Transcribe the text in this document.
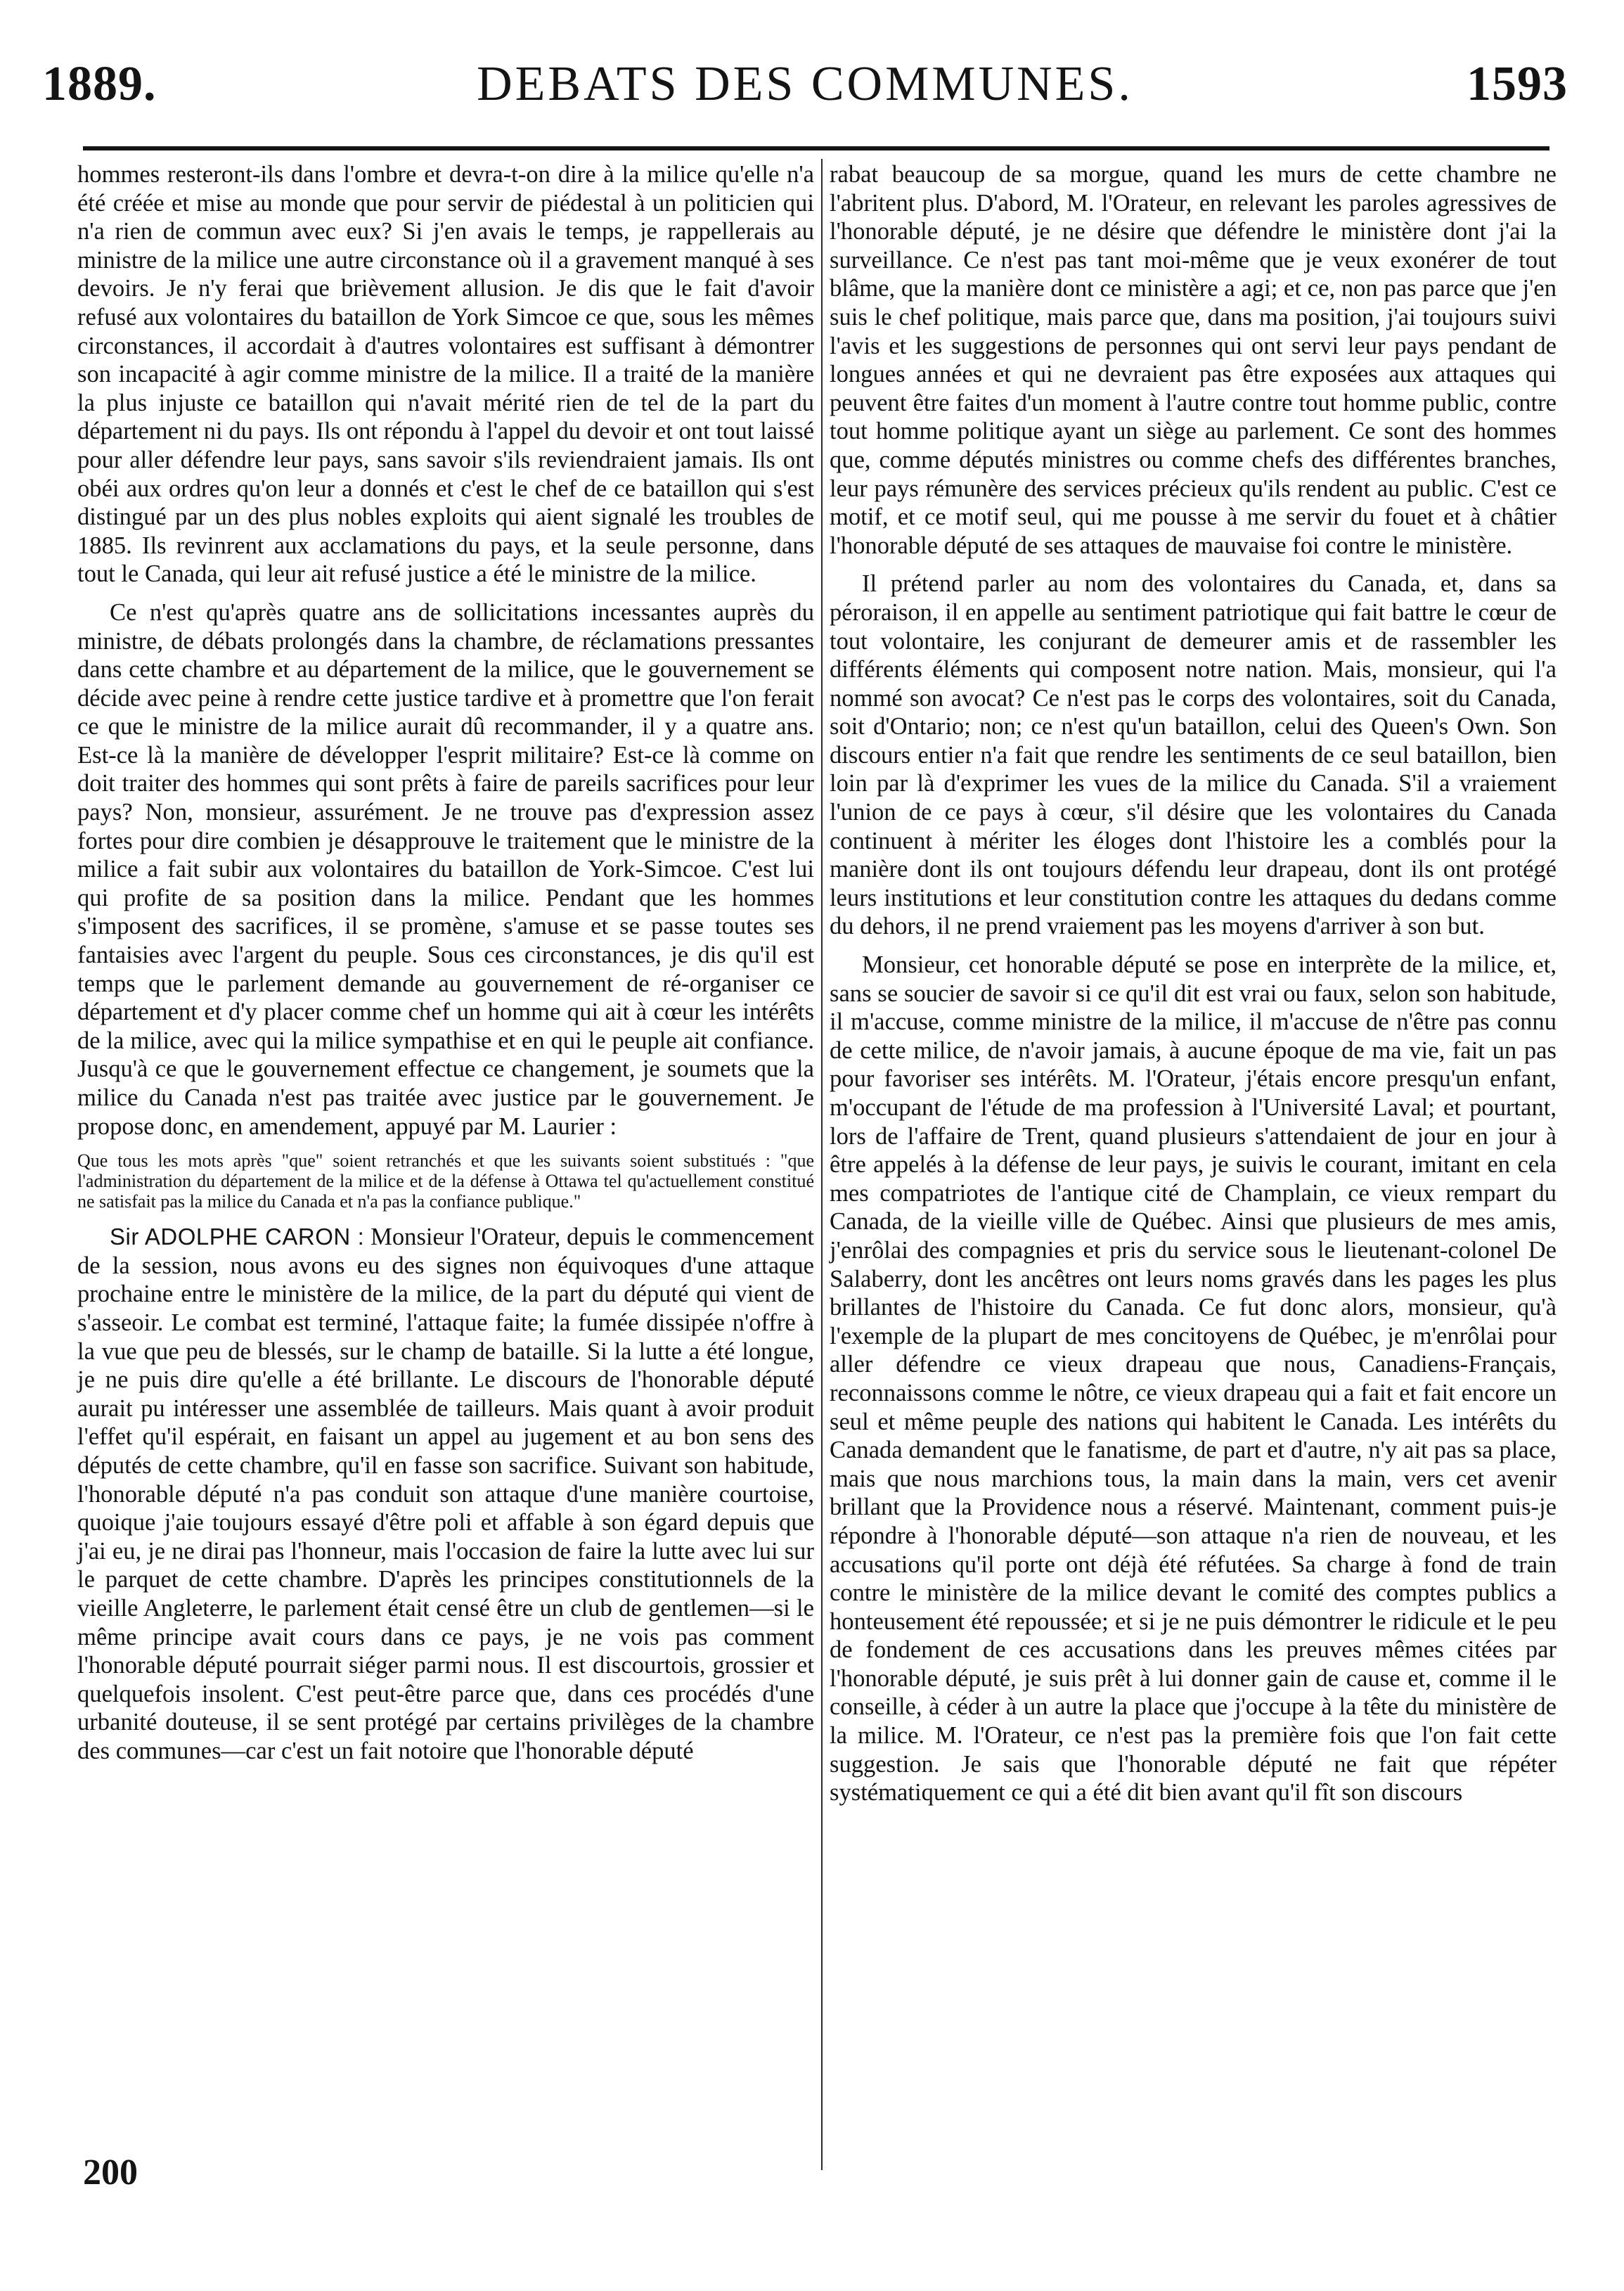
1889.	DEBATS DES COMMUNES.	1593

hommes resteront-ils dans l'ombre et devra-t-on dire à la milice qu'elle n'a été créée et mise au monde que pour servir de piédestal à un politicien qui n'a rien de commun avec eux? Si j'en avais le temps, je rappellerais au ministre de la milice une autre circonstance où il a gravement manqué à ses devoirs. Je n'y ferai que brièvement allusion. Je dis que le fait d'avoir refusé aux volontaires du bataillon de York Simcoe ce que, sous les mêmes circonstances, il accordait à d'autres volontaires est suffisant à démontrer son incapacité à agir comme ministre de la milice. Il a traité de la manière la plus injuste ce bataillon qui n'avait mérité rien de tel de la part du département ni du pays. Ils ont répondu à l'appel du devoir et ont tout laissé pour aller défendre leur pays, sans savoir s'ils reviendraient jamais. Ils ont obéi aux ordres qu'on leur a donnés et c'est le chef de ce bataillon qui s'est distingué par un des plus nobles exploits qui aient signalé les troubles de 1885. Ils revinrent aux acclamations du pays, et la seule personne, dans tout le Canada, qui leur ait refusé justice a été le ministre de la milice.

Ce n'est qu'après quatre ans de sollicitations incessantes auprès du ministre, de débats prolongés dans la chambre, de réclamations pressantes dans cette chambre et au département de la milice, que le gouvernement se décide avec peine à rendre cette justice tardive et à promettre que l'on ferait ce que le ministre de la milice aurait dû recommander, il y a quatre ans. Est-ce là la manière de développer l'esprit militaire? Est-ce là comme on doit traiter des hommes qui sont prêts à faire de pareils sacrifices pour leur pays? Non, monsieur, assurément. Je ne trouve pas d'expression assez fortes pour dire combien je désapprouve le traitement que le ministre de la milice a fait subir aux volontaires du bataillon de York-Simcoe. C'est lui qui profite de sa position dans la milice. Pendant que les hommes s'imposent des sacrifices, il se promène, s'amuse et se passe toutes ses fantaisies avec l'argent du peuple. Sous ces circonstances, je dis qu'il est temps que le parlement demande au gouvernement de ré-organiser ce département et d'y placer comme chef un homme qui ait à cœur les intérêts de la milice, avec qui la milice sympathise et en qui le peuple ait confiance. Jusqu'à ce que le gouvernement effectue ce changement, je soumets que la milice du Canada n'est pas traitée avec justice par le gouvernement. Je propose donc, en amendement, appuyé par M. Laurier :

Que tous les mots après "que" soient retranchés et que les suivants soient substitués : "que l'administration du département de la milice et de la défense à Ottawa tel qu'actuellement constitué ne satisfait pas la milice du Canada et n'a pas la confiance publique."

Sir ADOLPHE CARON : Monsieur l'Orateur, depuis le commencement de la session, nous avons eu des signes non équivoques d'une attaque prochaine entre le ministère de la milice, de la part du député qui vient de s'asseoir. Le combat est terminé, l'attaque faite; la fumée dissipée n'offre à la vue que peu de blessés, sur le champ de bataille. Si la lutte a été longue, je ne puis dire qu'elle a été brillante. Le discours de l'honorable député aurait pu intéresser une assemblée de tailleurs. Mais quant à avoir produit l'effet qu'il espérait, en faisant un appel au jugement et au bon sens des députés de cette chambre, qu'il en fasse son sacrifice. Suivant son habitude, l'honorable député n'a pas conduit son attaque d'une manière courtoise, quoique j'aie toujours essayé d'être poli et affable à son égard depuis que j'ai eu, je ne dirai pas l'honneur, mais l'occasion de faire la lutte avec lui sur le parquet de cette chambre. D'après les principes constitutionnels de la vieille Angleterre, le parlement était censé être un club de gentlemen—si le même principe avait cours dans ce pays, je ne vois pas comment l'honorable député pourrait siéger parmi nous. Il est discourtois, grossier et quelquefois insolent. C'est peut-être parce que, dans ces procédés d'une urbanité douteuse, il se sent protégé par certains privilèges de la chambre des communes—car c'est un fait notoire que l'honorable député

rabat beaucoup de sa morgue, quand les murs de cette chambre ne l'abritent plus. D'abord, M. l'Orateur, en relevant les paroles agressives de l'honorable député, je ne désire que défendre le ministère dont j'ai la surveillance. Ce n'est pas tant moi-même que je veux exonérer de tout blâme, que la manière dont ce ministère a agi; et ce, non pas parce que j'en suis le chef politique, mais parce que, dans ma position, j'ai toujours suivi l'avis et les suggestions de personnes qui ont servi leur pays pendant de longues années et qui ne devraient pas être exposées aux attaques qui peuvent être faites d'un moment à l'autre contre tout homme public, contre tout homme politique ayant un siège au parlement. Ce sont des hommes que, comme députés ministres ou comme chefs des différentes branches, leur pays rémunère des services précieux qu'ils rendent au public. C'est ce motif, et ce motif seul, qui me pousse à me servir du fouet et à châtier l'honorable député de ses attaques de mauvaise foi contre le ministère.

Il prétend parler au nom des volontaires du Canada, et, dans sa péroraison, il en appelle au sentiment patriotique qui fait battre le cœur de tout volontaire, les conjurant de demeurer amis et de rassembler les différents éléments qui composent notre nation. Mais, monsieur, qui l'a nommé son avocat? Ce n'est pas le corps des volontaires, soit du Canada, soit d'Ontario; non; ce n'est qu'un bataillon, celui des Queen's Own. Son discours entier n'a fait que rendre les sentiments de ce seul bataillon, bien loin par là d'exprimer les vues de la milice du Canada. S'il a vraiement l'union de ce pays à cœur, s'il désire que les volontaires du Canada continuent à mériter les éloges dont l'histoire les a comblés pour la manière dont ils ont toujours défendu leur drapeau, dont ils ont protégé leurs institutions et leur constitution contre les attaques du dedans comme du dehors, il ne prend vraiement pas les moyens d'arriver à son but.

Monsieur, cet honorable député se pose en interprète de la milice, et, sans se soucier de savoir si ce qu'il dit est vrai ou faux, selon son habitude, il m'accuse, comme ministre de la milice, il m'accuse de n'être pas connu de cette milice, de n'avoir jamais, à aucune époque de ma vie, fait un pas pour favoriser ses intérêts. M. l'Orateur, j'étais encore presqu'un enfant, m'occupant de l'étude de ma profession à l'Université Laval; et pourtant, lors de l'affaire de Trent, quand plusieurs s'attendaient de jour en jour à être appelés à la défense de leur pays, je suivis le courant, imitant en cela mes compatriotes de l'antique cité de Champlain, ce vieux rempart du Canada, de la vieille ville de Québec. Ainsi que plusieurs de mes amis, j'enrôlai des compagnies et pris du service sous le lieutenant-colonel De Salaberry, dont les ancêtres ont leurs noms gravés dans les pages les plus brillantes de l'histoire du Canada. Ce fut donc alors, monsieur, qu'à l'exemple de la plupart de mes concitoyens de Québec, je m'enrôlai pour aller défendre ce vieux drapeau que nous, Canadiens-Français, reconnaissons comme le nôtre, ce vieux drapeau qui a fait et fait encore un seul et même peuple des nations qui habitent le Canada. Les intérêts du Canada demandent que le fanatisme, de part et d'autre, n'y ait pas sa place, mais que nous marchions tous, la main dans la main, vers cet avenir brillant que la Providence nous a réservé. Maintenant, comment puis-je répondre à l'honorable député—son attaque n'a rien de nouveau, et les accusations qu'il porte ont déjà été réfutées. Sa charge à fond de train contre le ministère de la milice devant le comité des comptes publics a honteusement été repoussée; et si je ne puis démontrer le ridicule et le peu de fondement de ces accusations dans les preuves mêmes citées par l'honorable député, je suis prêt à lui donner gain de cause et, comme il le conseille, à céder à un autre la place que j'occupe à la tête du ministère de la milice. M. l'Orateur, ce n'est pas la première fois que l'on fait cette suggestion. Je sais que l'honorable député ne fait que répéter systématiquement ce qui a été dit bien avant qu'il fît son discours

200
